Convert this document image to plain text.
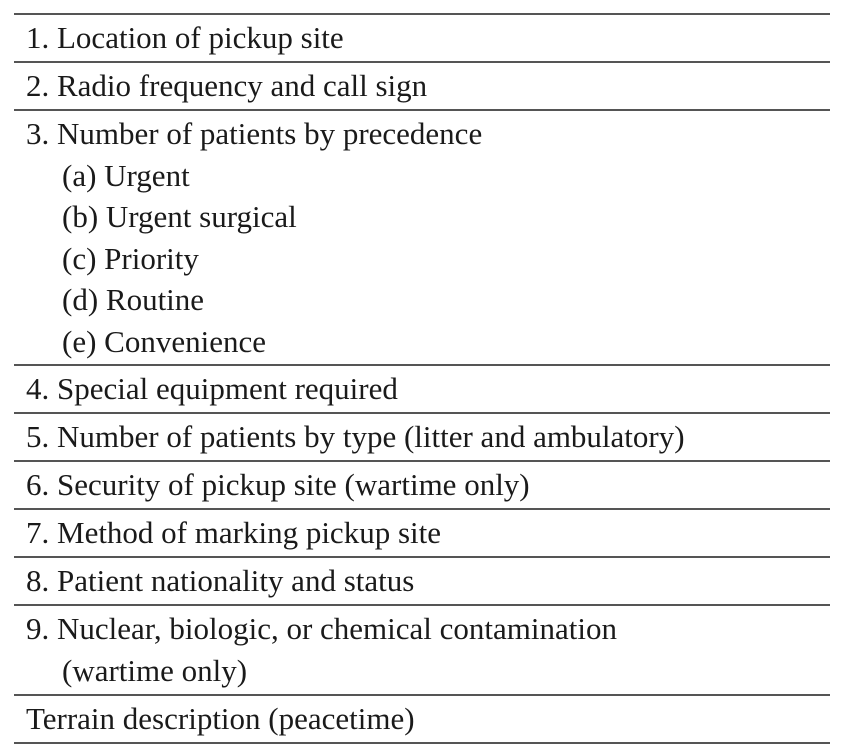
1. Location of pickup site
2. Radio frequency and call sign
3. Number of patients by precedence
(a) Urgent
(b) Urgent surgical
(c) Priority
(d) Routine
(e) Convenience
4. Special equipment required
5. Number of patients by type (litter and ambulatory)
6. Security of pickup site (wartime only)
7. Method of marking pickup site
8. Patient nationality and status
9. Nuclear, biologic, or chemical contamination
(wartime only)
Terrain description (peacetime)
